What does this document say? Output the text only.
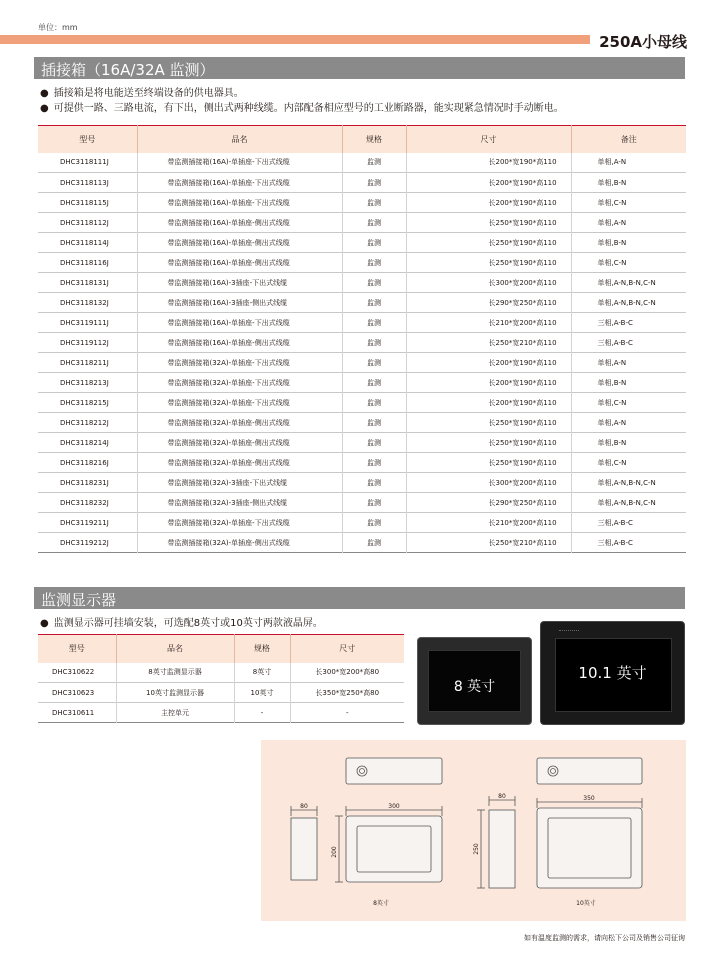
单位：mm
250A小母线
插接箱（16A/32A 监测）
● 插接箱是将电能送至终端设备的供电器具。
● 可提供一路、三路电流，有下出，侧出式两种线缆。内部配备相应型号的工业断路器，能实现紧急情况时手动断电。
型号	品名	规格	尺寸	备注
DHC3118111J	带监测插接箱(16A)-单插座-下出式线缆	监测	长200*宽190*高110	单相,A-N
DHC3118113J	带监测插接箱(16A)-单插座-下出式线缆	监测	长200*宽190*高110	单相,B-N
DHC3118115J	带监测插接箱(16A)-单插座-下出式线缆	监测	长200*宽190*高110	单相,C-N
DHC3118112J	带监测插接箱(16A)-单插座-侧出式线缆	监测	长250*宽190*高110	单相,A-N
DHC3118114J	带监测插接箱(16A)-单插座-侧出式线缆	监测	长250*宽190*高110	单相,B-N
DHC3118116J	带监测插接箱(16A)-单插座-侧出式线缆	监测	长250*宽190*高110	单相,C-N
DHC3118131J	带监测插接箱(16A)-3插座-下出式线缆	监测	长300*宽200*高110	单相,A-N,B-N,C-N
DHC3118132J	带监测插接箱(16A)-3插座-侧出式线缆	监测	长290*宽250*高110	单相,A-N,B-N,C-N
DHC3119111J	带监测插接箱(16A)-单插座-下出式线缆	监测	长210*宽200*高110	三相,A-B-C
DHC3119112J	带监测插接箱(16A)-单插座-侧出式线缆	监测	长250*宽210*高110	三相,A-B-C
DHC3118211J	带监测插接箱(32A)-单插座-下出式线缆	监测	长200*宽190*高110	单相,A-N
DHC3118213J	带监测插接箱(32A)-单插座-下出式线缆	监测	长200*宽190*高110	单相,B-N
DHC3118215J	带监测插接箱(32A)-单插座-下出式线缆	监测	长200*宽190*高110	单相,C-N
DHC3118212J	带监测插接箱(32A)-单插座-侧出式线缆	监测	长250*宽190*高110	单相,A-N
DHC3118214J	带监测插接箱(32A)-单插座-侧出式线缆	监测	长250*宽190*高110	单相,B-N
DHC3118216J	带监测插接箱(32A)-单插座-侧出式线缆	监测	长250*宽190*高110	单相,C-N
DHC3118231J	带监测插接箱(32A)-3插座-下出式线缆	监测	长300*宽200*高110	单相,A-N,B-N,C-N
DHC3118232J	带监测插接箱(32A)-3插座-侧出式线缆	监测	长290*宽250*高110	单相,A-N,B-N,C-N
DHC3119211J	带监测插接箱(32A)-单插座-下出式线缆	监测	长210*宽200*高110	三相,A-B-C
DHC3119212J	带监测插接箱(32A)-单插座-侧出式线缆	监测	长250*宽210*高110	三相,A-B-C
监测显示器
● 监测显示器可挂墙安装，可选配8英寸或10英寸两款液晶屏。
型号	品名	规格	尺寸
DHC310622	8英寸监测显示器	8英寸	长300*宽200*高80
DHC310623	10英寸监测显示器	10英寸	长350*宽250*高80
DHC310611	主控单元	-	-
8 英寸
10.1 英寸
80	300
200
8英寸
80	350
250
10英寸
如有温度监测的需求，请向松下公司及销售公司征询
